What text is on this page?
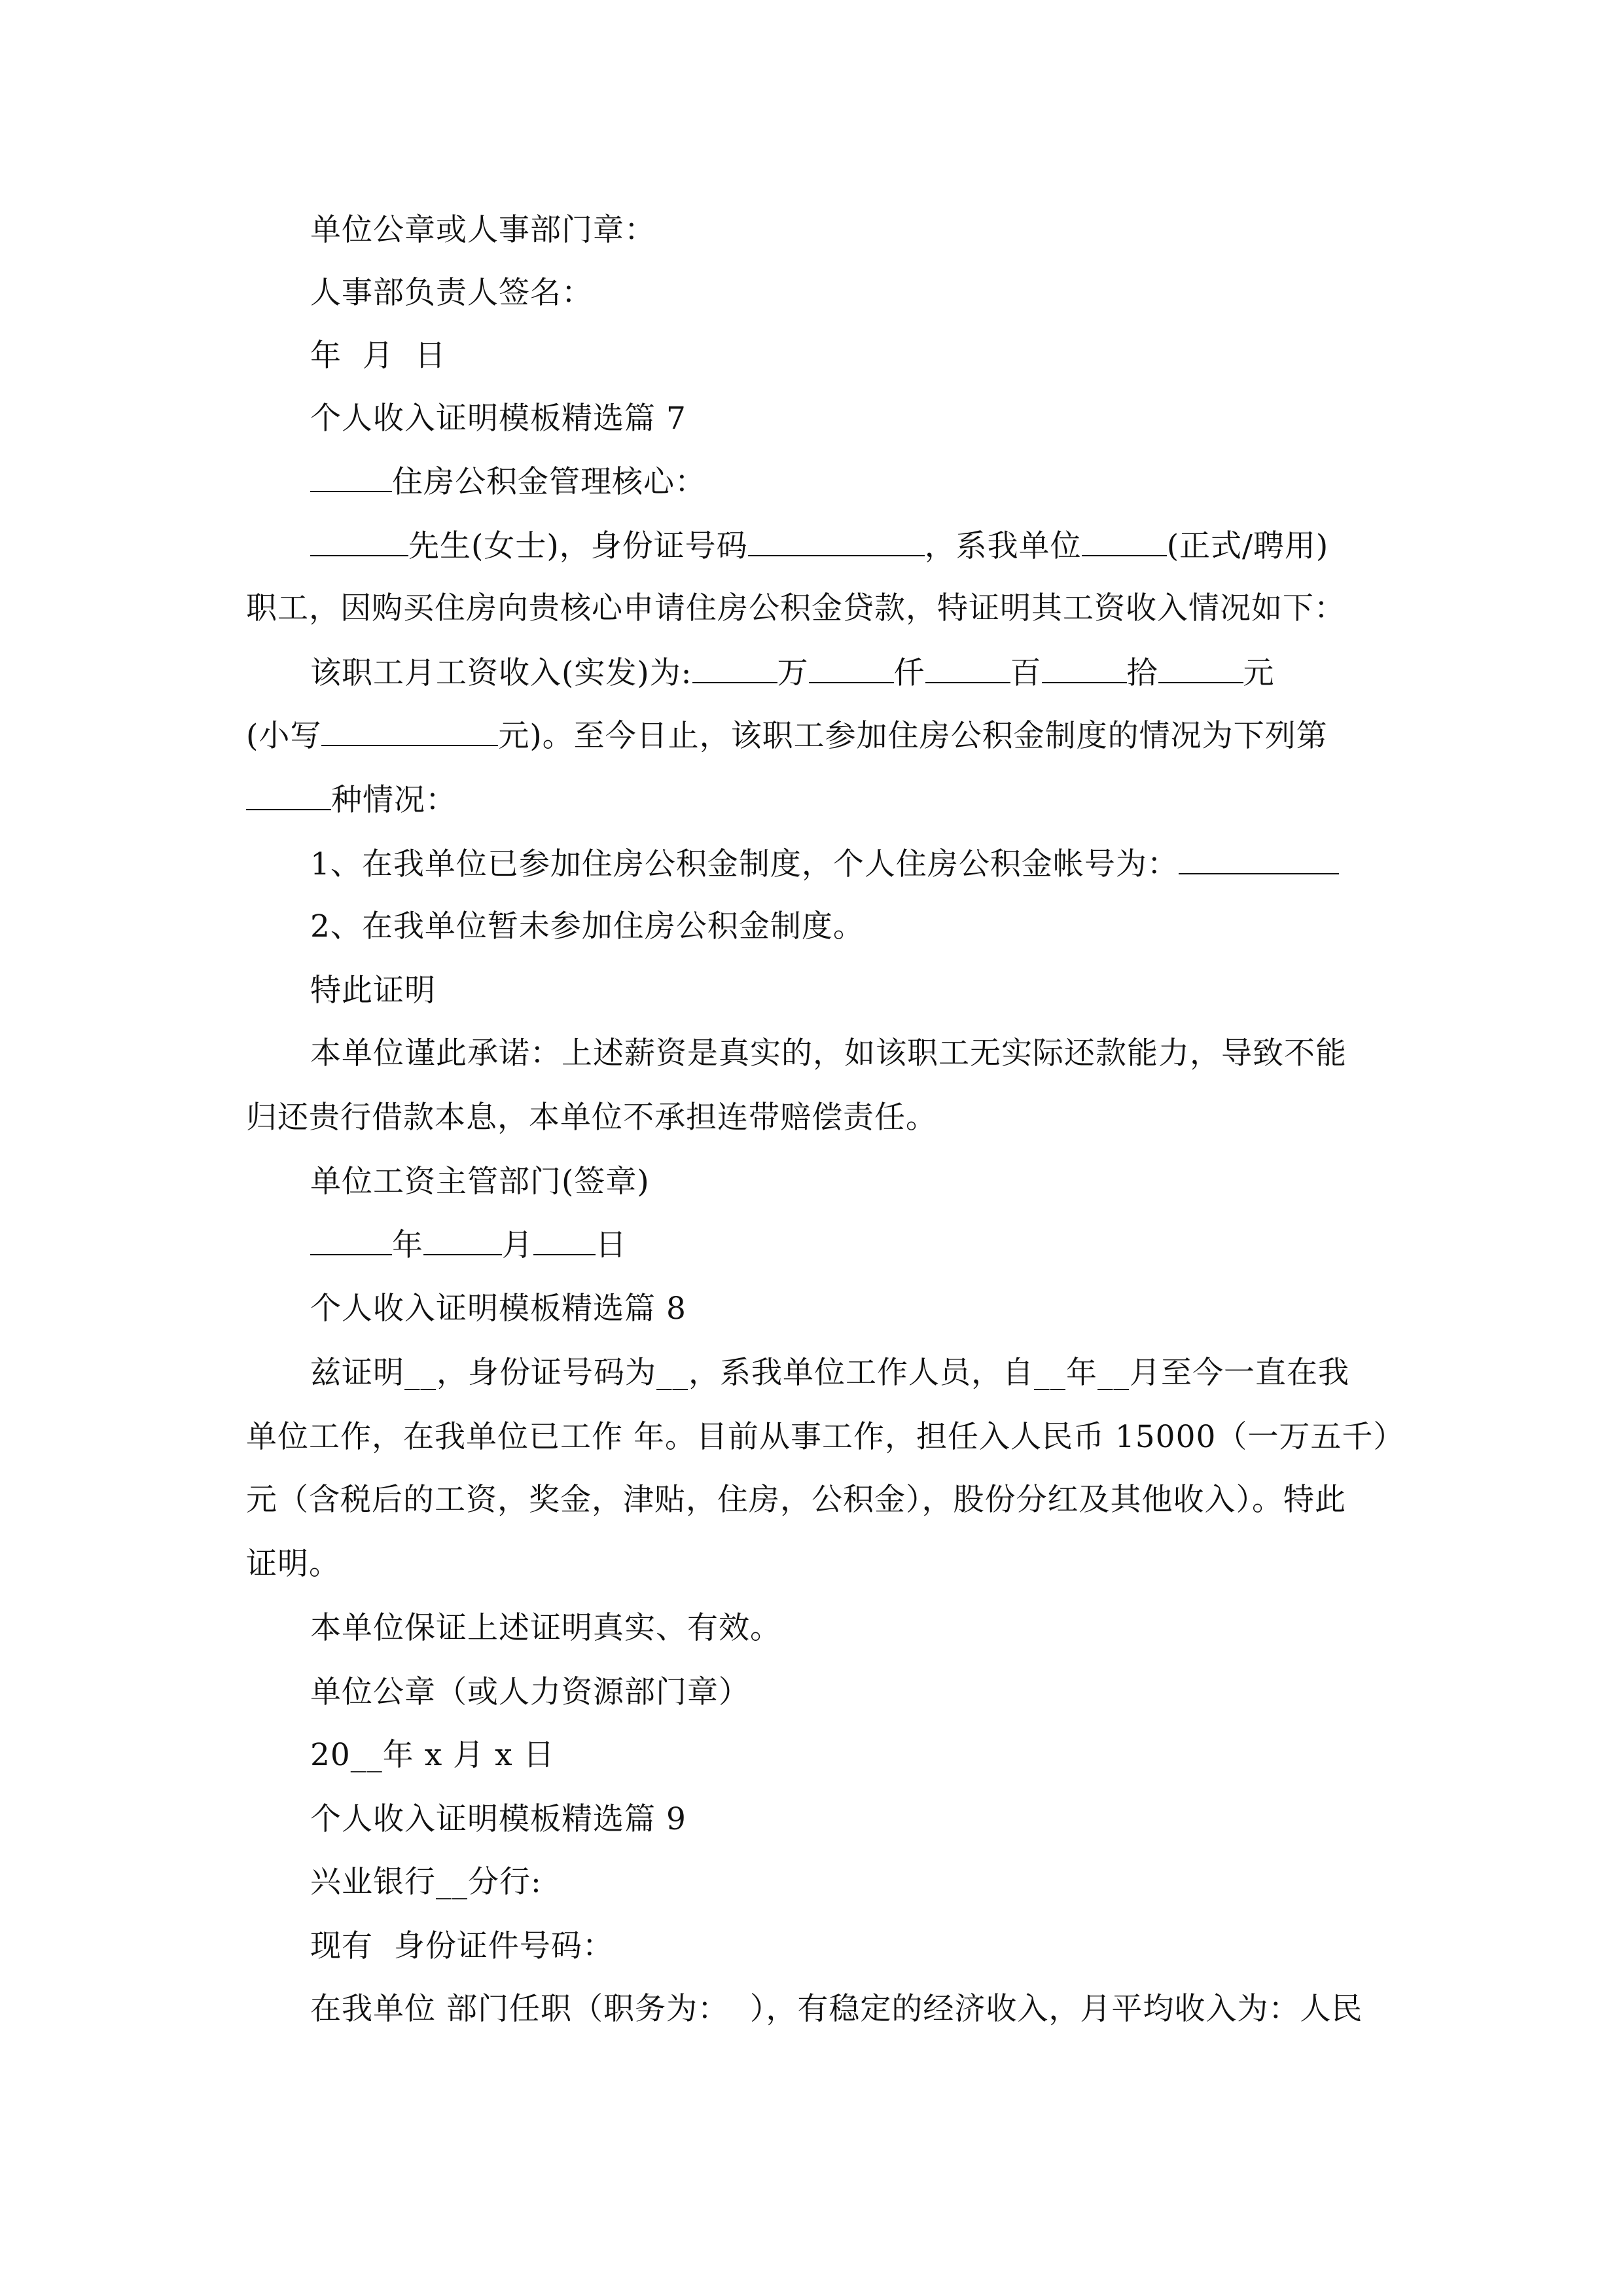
单位公章或人事部门章：
人事部负责人签名：
年  月  日
个人收入证明模板精选篇 7
住房公积金管理核心：
先生(女士)，身份证号码	，系我单位	(正式/聘用)
职工，因购买住房向贵核心申请住房公积金贷款，特证明其工资收入情况如下：
该职工月工资收入(实发)为:	万	仟	百	拾	元
(小写	元)。至今日止，该职工参加住房公积金制度的情况为下列第
种情况：
1、在我单位已参加住房公积金制度，个人住房公积金帐号为：
2、在我单位暂未参加住房公积金制度。
特此证明
本单位谨此承诺：上述薪资是真实的，如该职工无实际还款能力，导致不能
归还贵行借款本息，本单位不承担连带赔偿责任。
单位工资主管部门(签章)
年	月 日
个人收入证明模板精选篇 8
兹证明__，身份证号码为__，系我单位工作人员，自__年__月至今一直在我
单位工作，在我单位已工作 年。目前从事工作，担任入人民币 15000（一万五千）
元（含税后的工资，奖金，津贴，住房，公积金），股份分红及其他收入）。特此
证明。
本单位保证上述证明真实、有效。
单位公章（或人力资源部门章）
20__年 x 月 x 日
个人收入证明模板精选篇 9
兴业银行__分行:
现有  身份证件号码：
在我单位 部门任职（职务为：  ），有稳定的经济收入，月平均收入为：人民
